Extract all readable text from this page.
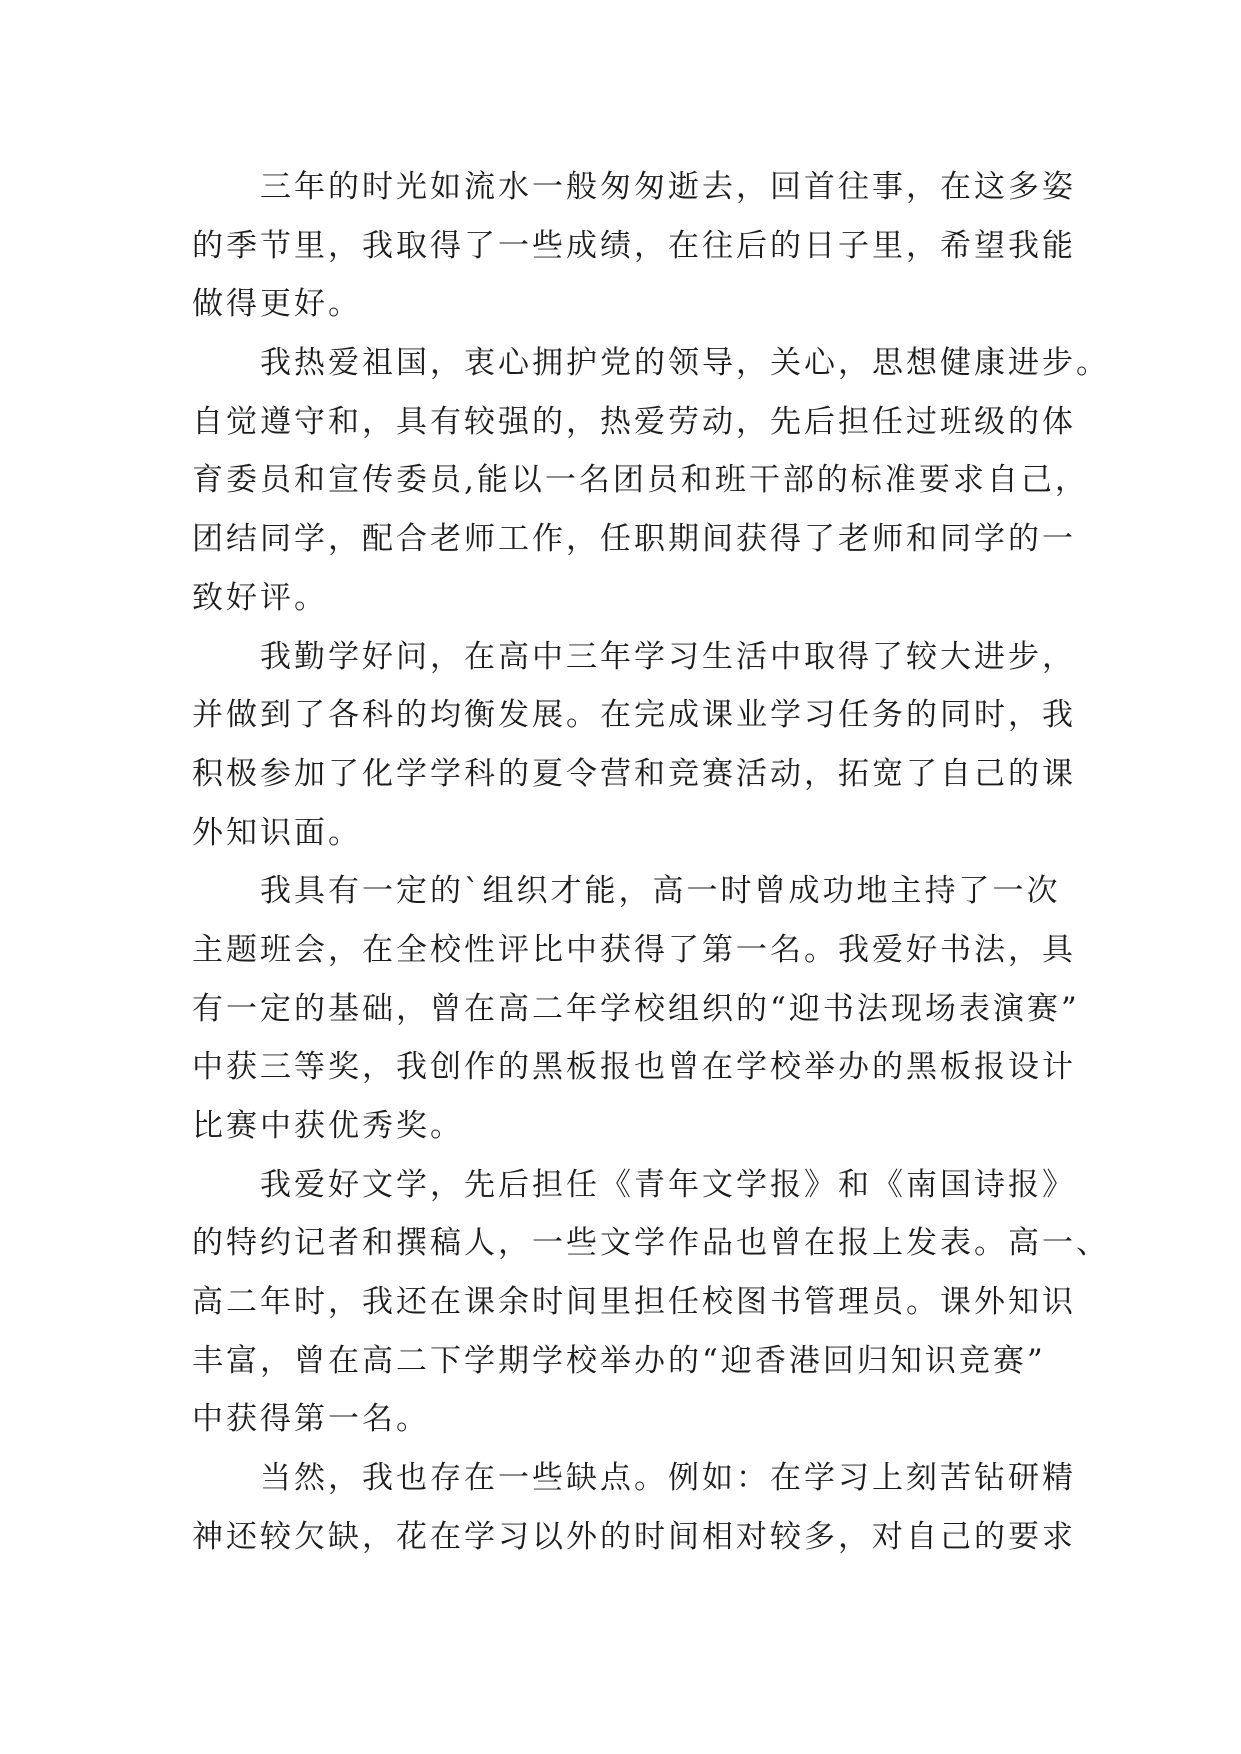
三年的时光如流水一般匆匆逝去，回首往事，在这多姿
的季节里，我取得了一些成绩，在往后的日子里，希望我能
做得更好。
我热爱祖国，衷心拥护党的领导，关心，思想健康进步。
自觉遵守和，具有较强的，热爱劳动，先后担任过班级的体
育委员和宣传委员,能以一名团员和班干部的标准要求自己，
团结同学，配合老师工作，任职期间获得了老师和同学的一
致好评。
我勤学好问，在高中三年学习生活中取得了较大进步，
并做到了各科的均衡发展。在完成课业学习任务的同时，我
积极参加了化学学科的夏令营和竞赛活动，拓宽了自己的课
外知识面。
我具有一定的`组织才能，高一时曾成功地主持了一次
主题班会，在全校性评比中获得了第一名。我爱好书法，具
有一定的基础，曾在高二年学校组织的“迎书法现场表演赛”
中获三等奖，我创作的黑板报也曾在学校举办的黑板报设计
比赛中获优秀奖。
我爱好文学，先后担任《青年文学报》和《南国诗报》
的特约记者和撰稿人，一些文学作品也曾在报上发表。高一、
高二年时，我还在课余时间里担任校图书管理员。课外知识
丰富，曾在高二下学期学校举办的“迎香港回归知识竞赛”
中获得第一名。
当然，我也存在一些缺点。例如：在学习上刻苦钻研精
神还较欠缺，花在学习以外的时间相对较多，对自己的要求
